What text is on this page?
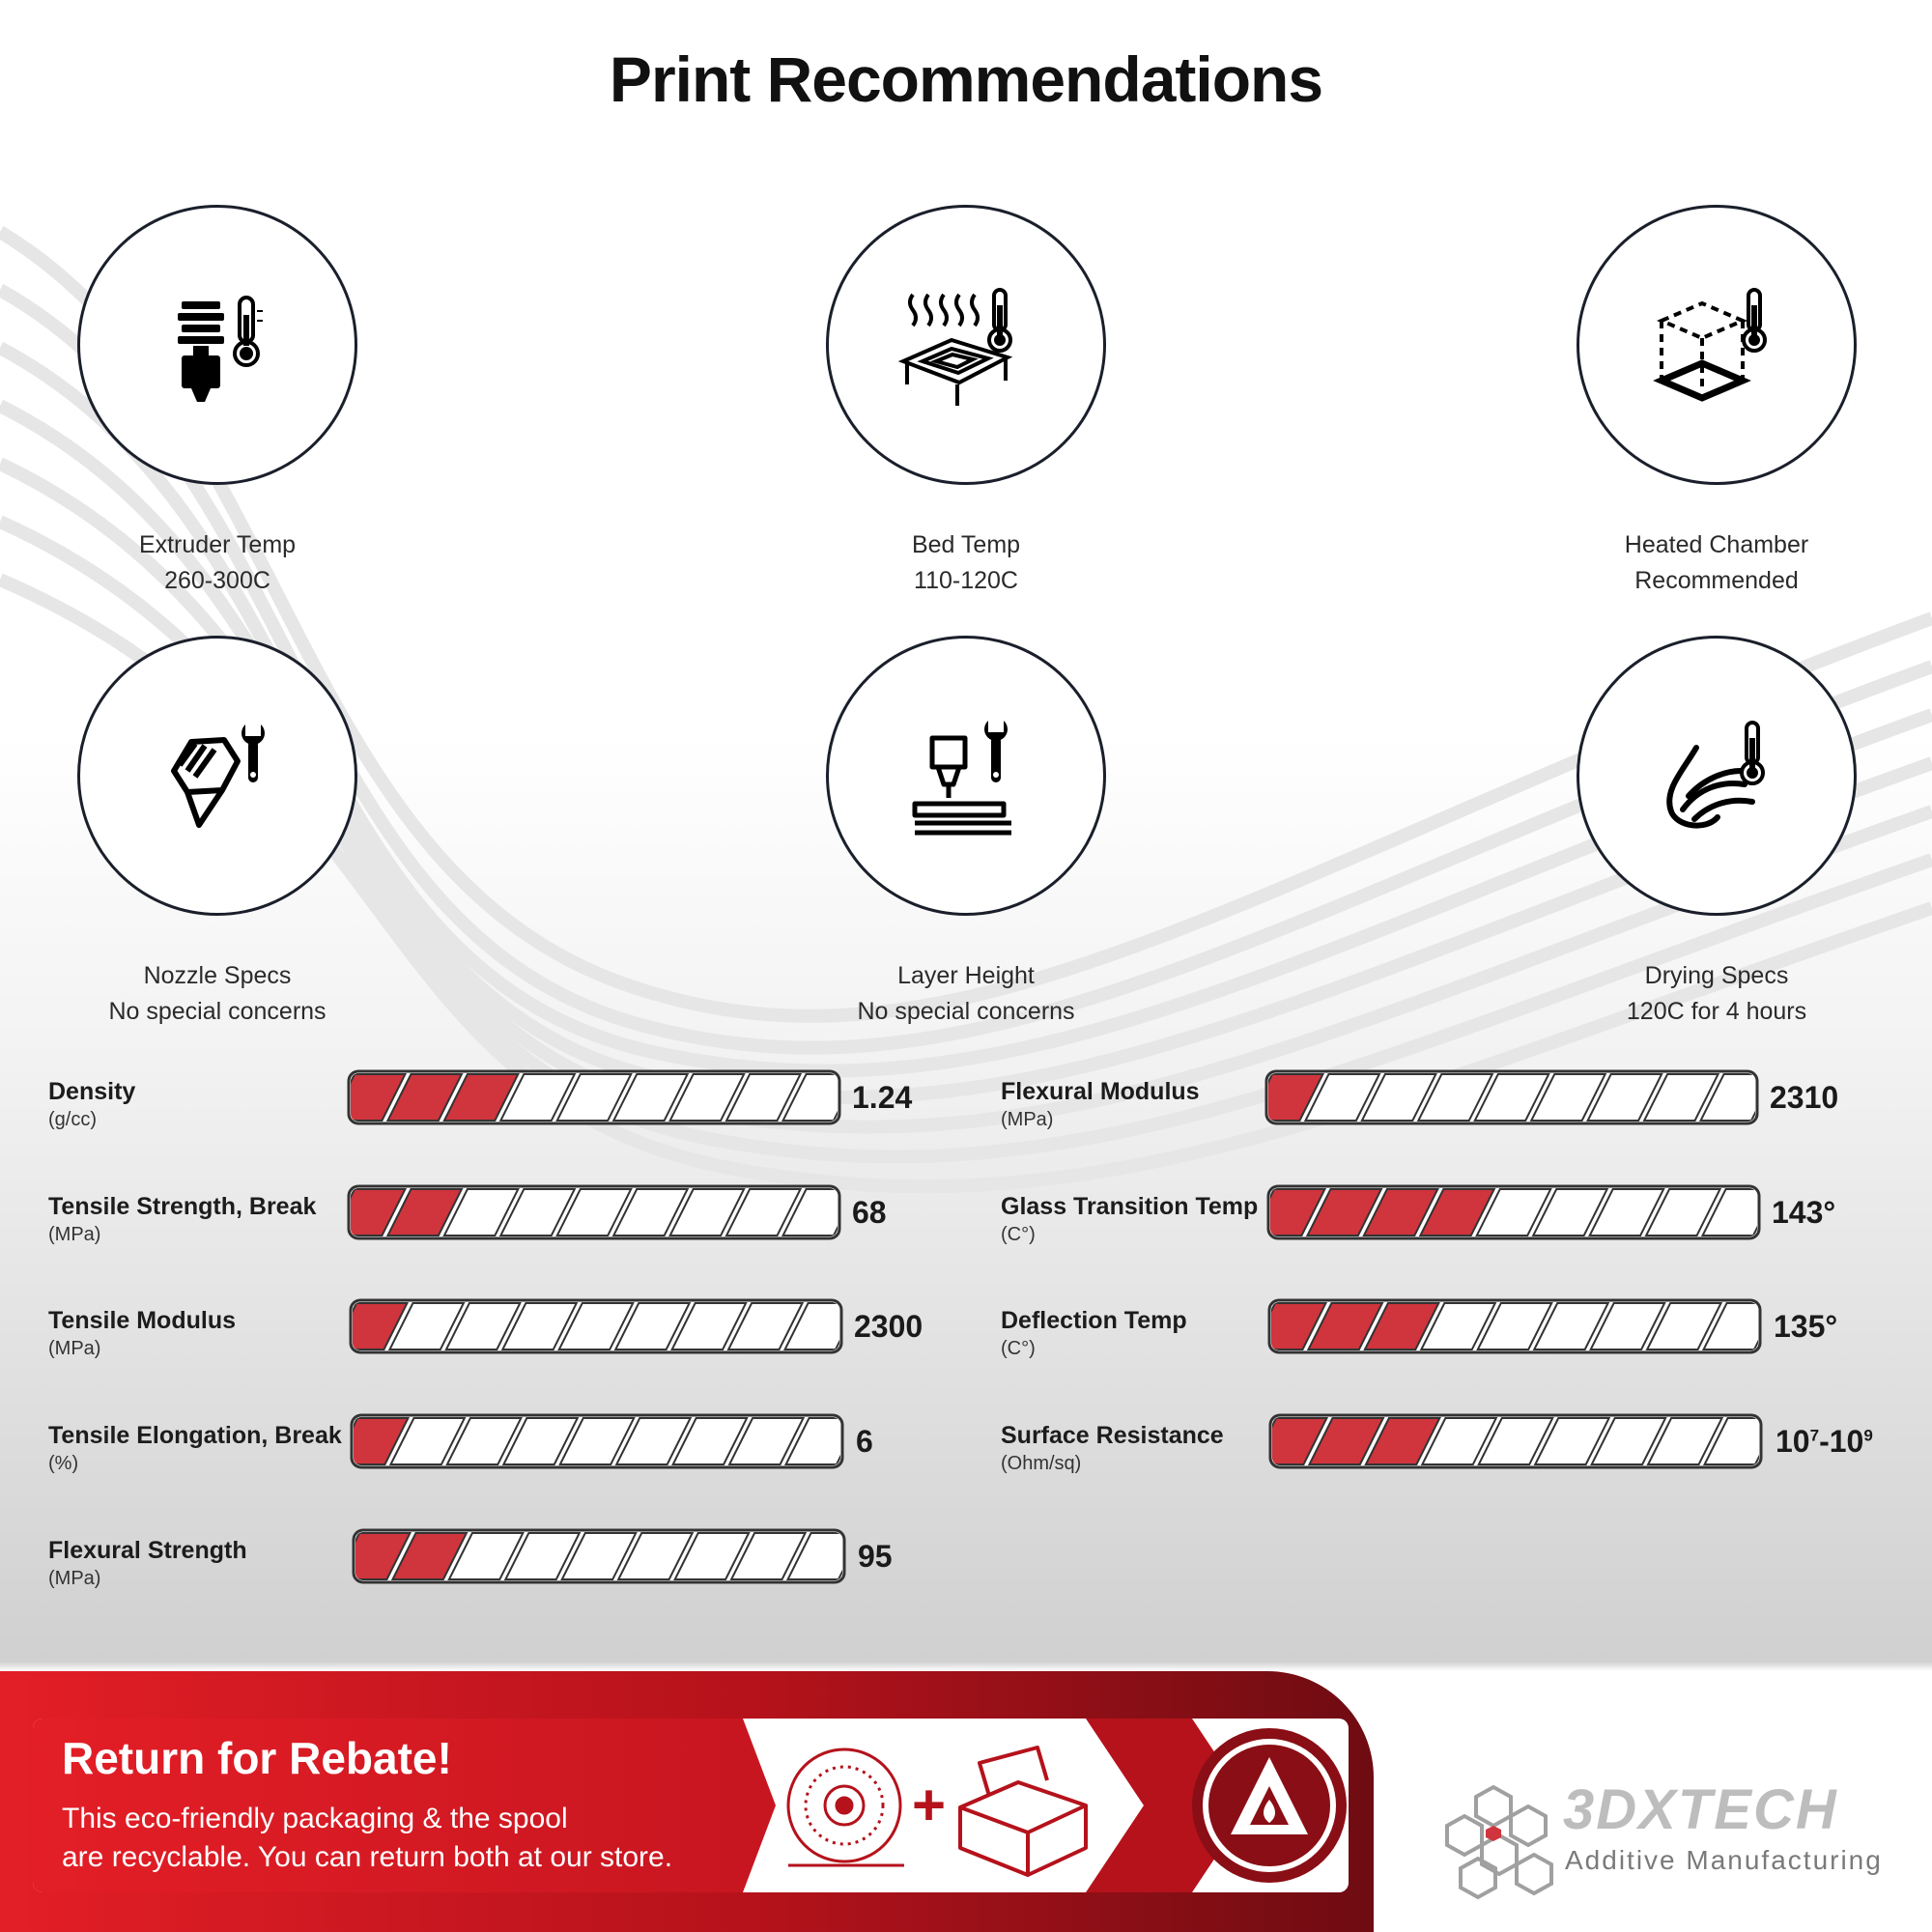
Print Recommendations
Extruder Temp
260-300C
Bed Temp
110-120C
Heated Chamber
Recommended
Nozzle Specs
No special concerns
Layer Height
No special concerns
Drying Specs
120C for 4 hours
Density
(g/cc)
1.24
Tensile Strength, Break
(MPa)
68
Tensile Modulus
(MPa)
2300
Tensile Elongation, Break
(%)
6
Flexural Strength
(MPa)
95
Flexural Modulus
(MPa)
2310
Glass Transition Temp
(C°)
143°
Deflection Temp
(C°)
135°
Surface Resistance
(Ohm/sq)
$10^7-10^9$
Return for Rebate!
This eco-friendly packaging & the spool
are recyclable. You can return both at our store.
+	3DXTECH
Additive Manufacturing
